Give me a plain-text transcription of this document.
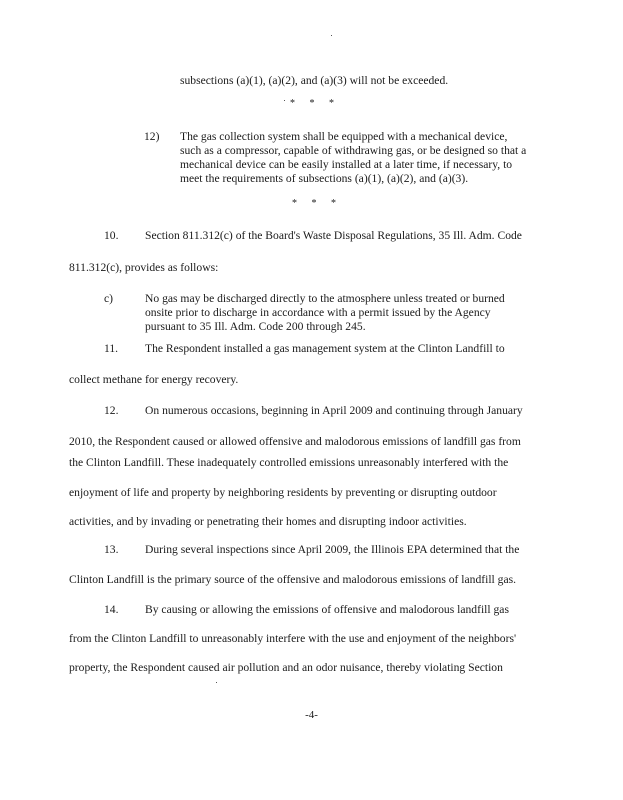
subsections (a)(1), (a)(2), and (a)(3) will not be exceeded.
* * *
12) The gas collection system shall be equipped with a mechanical device,
such as a compressor, capable of withdrawing gas, or be designed so that a
mechanical device can be easily installed at a later time, if necessary, to
meet the requirements of subsections (a)(1), (a)(2), and (a)(3).
* * *
10. Section 811.312(c) of the Board's Waste Disposal Regulations, 35 Ill. Adm. Code
811.312(c), provides as follows:
c)	No gas may be discharged directly to the atmosphere unless treated or burned
onsite prior to discharge in accordance with a permit issued by the Agency
pursuant to 35 Ill. Adm. Code 200 through 245.
11. The Respondent installed a gas management system at the Clinton Landfill to
collect methane for energy recovery.
12. On numerous occasions, beginning in April 2009 and continuing through January
2010, the Respondent caused or allowed offensive and malodorous emissions of landfill gas from
the Clinton Landfill. These inadequately controlled emissions unreasonably interfered with the
enjoyment of life and property by neighboring residents by preventing or disrupting outdoor
activities, and by invading or penetrating their homes and disrupting indoor activities.
13. During several inspections since April 2009, the Illinois EPA determined that the
Clinton Landfill is the primary source of the offensive and malodorous emissions of landfill gas.
14. By causing or allowing the emissions of offensive and malodorous landfill gas
from the Clinton Landfill to unreasonably interfere with the use and enjoyment of the neighbors'
property, the Respondent caused air pollution and an odor nuisance, thereby violating Section
-4-
